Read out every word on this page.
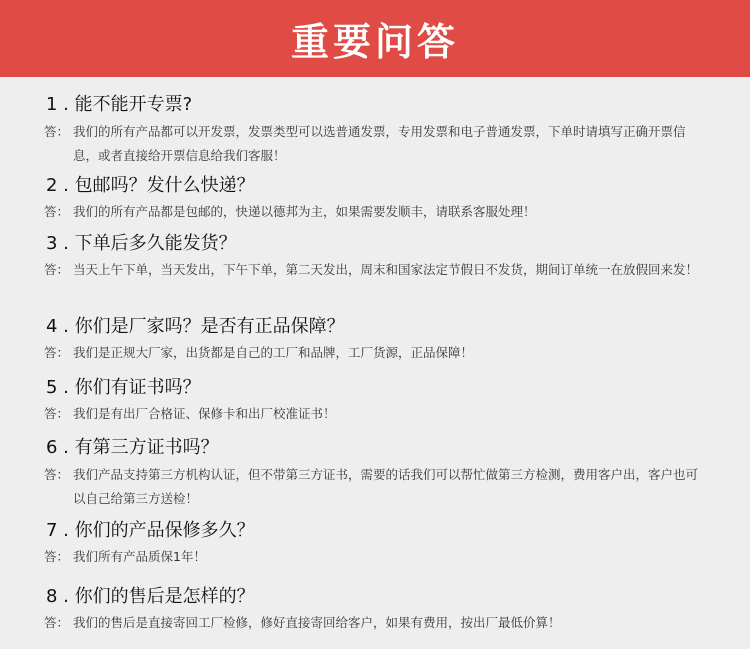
重要问答
1 . 能不能开专票?
答： 我们的所有产品都可以开发票，发票类型可以选普通发票，专用发票和电子普通发票，下单时请填写正确开票信息，或者直接给开票信息给我们客服！
2 . 包邮吗？发什么快递？
答： 我们的所有产品都是包邮的，快递以德邦为主，如果需要发顺丰，请联系客服处理！
3 . 下单后多久能发货？
答： 当天上午下单，当天发出，下午下单，第二天发出，周末和国家法定节假日不发货，期间订单统一在放假回来发！
4 . 你们是厂家吗？是否有正品保障？
答： 我们是正规大厂家，出货都是自己的工厂和品牌，工厂货源，正品保障！
5 . 你们有证书吗？
答： 我们是有出厂合格证、保修卡和出厂校准证书！
6 . 有第三方证书吗？
答： 我们产品支持第三方机构认证，但不带第三方证书，需要的话我们可以帮忙做第三方检测，费用客户出，客户也可以自己给第三方送检！
7 . 你们的产品保修多久？
答： 我们所有产品质保1年！
8 . 你们的售后是怎样的？
答： 我们的售后是直接寄回工厂检修，修好直接寄回给客户，如果有费用，按出厂最低价算！
